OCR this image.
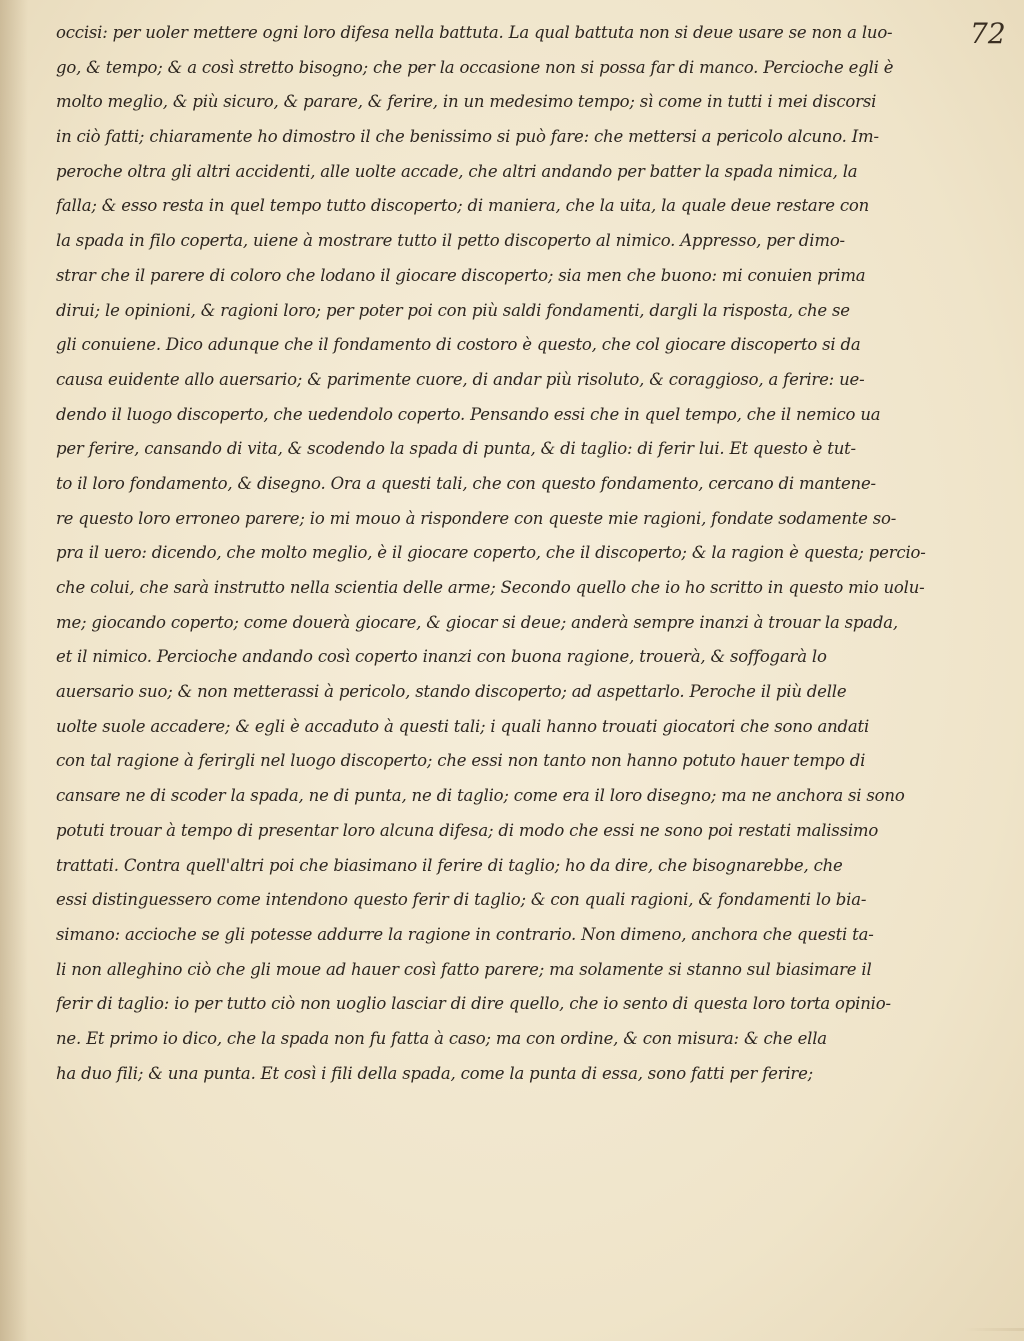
72
occisi: per uoler mettere ogni loro difesa nella battuta. La qual battuta non si deue usare se non a luo-
go, & tempo; & a così stretto bisogno; che per la occasione non si possa far di manco. Percioche egli è
molto meglio, & più sicuro, & parare, & ferire, in un medesimo tempo; sì come in tutti i mei discorsi
in ciò fatti; chiaramente ho dimostro il che benissimo si può fare: che mettersi a pericolo alcuno. Im-
peroche oltra gli altri accidenti, alle uolte accade, che altri andando per batter la spada nimica, la
falla; & esso resta in quel tempo tutto discoperto; di maniera, che la uita, la quale deue restare con
la spada in filo coperta, uiene à mostrare tutto il petto discoperto al nimico. Appresso, per dimo-
strar che il parere di coloro che lodano il giocare discoperto; sia men che buono: mi conuien prima
dirui; le opinioni, & ragioni loro; per poter poi con più saldi fondamenti, dargli la risposta, che se
gli conuiene. Dico adunque che il fondamento di costoro è questo, che col giocare discoperto si da
causa euidente allo auersario; & parimente cuore, di andar più risoluto, & coraggioso, a ferire: ue-
dendo il luogo discoperto, che uedendolo coperto. Pensando essi che in quel tempo, che il nemico ua
per ferire, cansando di vita, & scodendo la spada di punta, & di taglio: di ferir lui. Et questo è tut-
to il loro fondamento, & disegno. Ora a questi tali, che con questo fondamento, cercano di mantene-
re questo loro erroneo parere; io mi mouo à rispondere con queste mie ragioni, fondate sodamente so-
pra il uero: dicendo, che molto meglio, è il giocare coperto, che il discoperto; & la ragion è questa; percio-
che colui, che sarà instrutto nella scientia delle arme; Secondo quello che io ho scritto in questo mio uolu-
me; giocando coperto; come douerà giocare, & giocar si deue; anderà sempre inanzi à trouar la spada,
et il nimico. Percioche andando così coperto inanzi con buona ragione, trouerà, & soffogarà lo
auersario suo; & non metterassi à pericolo, stando discoperto; ad aspettarlo. Peroche il più delle
uolte suole accadere; & egli è accaduto à questi tali; i quali hanno trouati giocatori che sono andati
con tal ragione à ferirgli nel luogo discoperto; che essi non tanto non hanno potuto hauer tempo di
cansare ne di scoder la spada, ne di punta, ne di taglio; come era il loro disegno; ma ne anchora si sono
potuti trouar à tempo di presentar loro alcuna difesa; di modo che essi ne sono poi restati malissimo
trattati. Contra quell'altri poi che biasimano il ferire di taglio; ho da dire, che bisognarebbe, che
essi distinguessero come intendono questo ferir di taglio; & con quali ragioni, & fondamenti lo bia-
simano: accioche se gli potesse addurre la ragione in contrario. Non dimeno, anchora che questi ta-
li non alleghino ciò che gli moue ad hauer così fatto parere; ma solamente si stanno sul biasimare il
ferir di taglio: io per tutto ciò non uoglio lasciar di dire quello, che io sento di questa loro torta opinio-
ne. Et primo io dico, che la spada non fu fatta à caso; ma con ordine, & con misura: & che ella
ha duo fili; & una punta. Et così i fili della spada, come la punta di essa, sono fatti per ferire;
